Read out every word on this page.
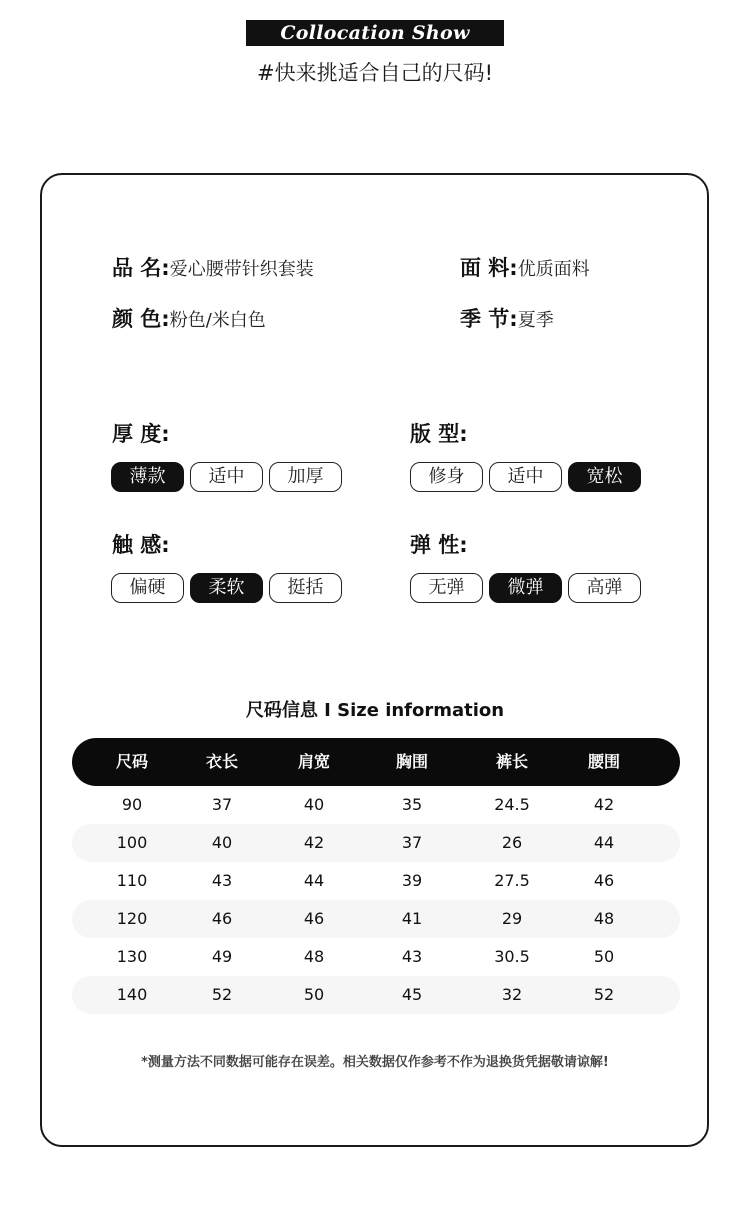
Collocation Show
#快来挑适合自己的尺码!
品 名:爱心腰带针织套装	面 料:优质面料
颜 色:粉色/米白色	季 节:夏季
厚 度:
薄款	适中	加厚
版 型:
修身	适中	宽松
触 感:
偏硬	柔软	挺括
弹 性:
无弹	微弹	高弹
尺码信息 I Size information
尺码	衣长	肩宽	胸围	裤长	腰围
90	37	40	35	24.5	42
100	40	42	37	26	44
110	43	44	39	27.5	46
120	46	46	41	29	48
130	49	48	43	30.5	50
140	52	50	45	32	52
*测量方法不同数据可能存在误差。相关数据仅作参考不作为退换货凭据敬请谅解!
